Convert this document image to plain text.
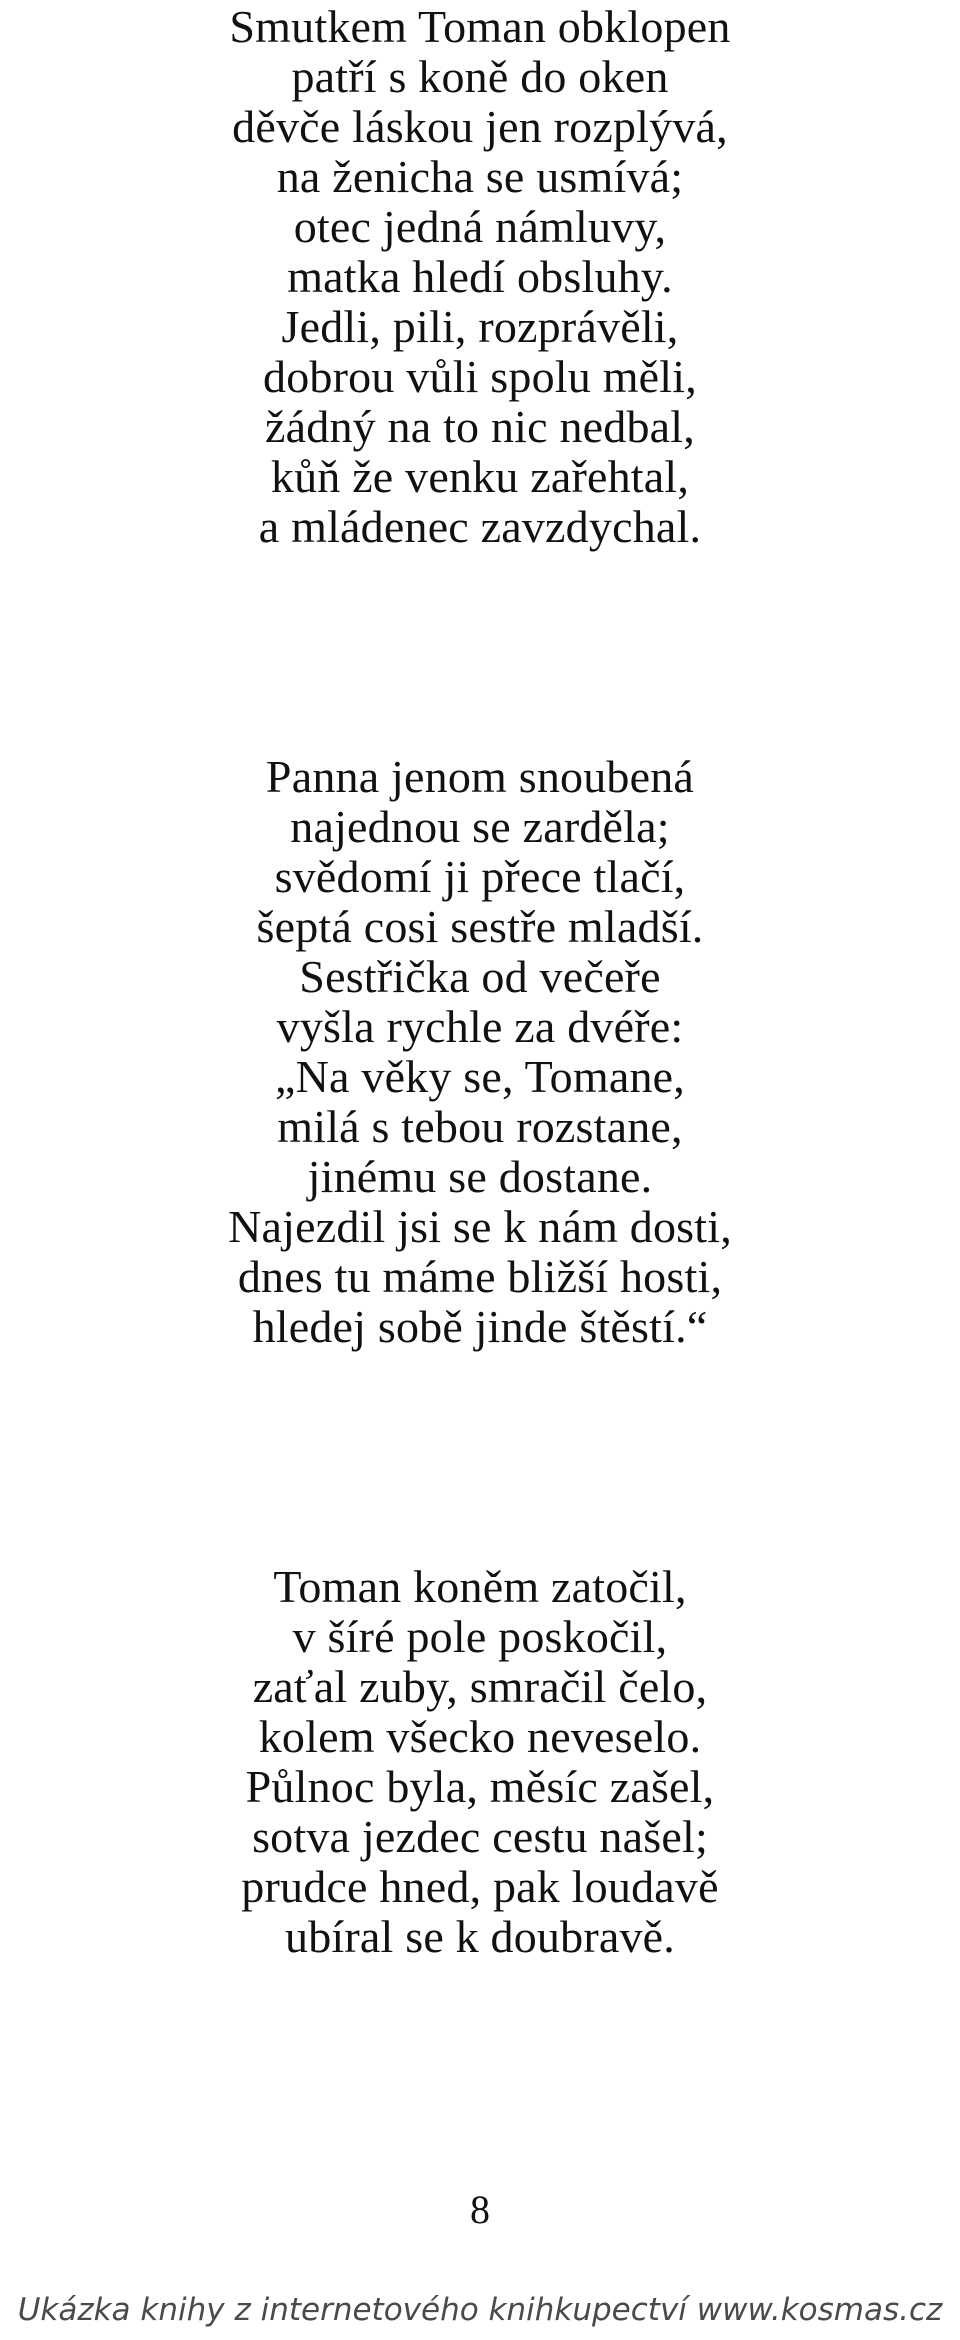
Smutkem Toman obklopen
patří s koně do oken
děvče láskou jen rozplývá,
na ženicha se usmívá;
otec jedná námluvy,
matka hledí obsluhy.
Jedli, pili, rozprávěli,
dobrou vůli spolu měli,
žádný na to nic nedbal,
kůň že venku zařehtal,
a mládenec zavzdychal.
Panna jenom snoubená
najednou se zarděla;
svědomí ji přece tlačí,
šeptá cosi sestře mladší.
Sestřička od večeře
vyšla rychle za dvéře:
„Na věky se, Tomane,
milá s tebou rozstane,
jinému se dostane.
Najezdil jsi se k nám dosti,
dnes tu máme bližší hosti,
hledej sobě jinde štěstí.“
Toman koněm zatočil,
v šíré pole poskočil,
zaťal zuby, smračil čelo,
kolem všecko neveselo.
Půlnoc byla, měsíc zašel,
sotva jezdec cestu našel;
prudce hned, pak loudavě
ubíral se k doubravě.
8
Ukázka knihy z internetového knihkupectví www.kosmas.cz
